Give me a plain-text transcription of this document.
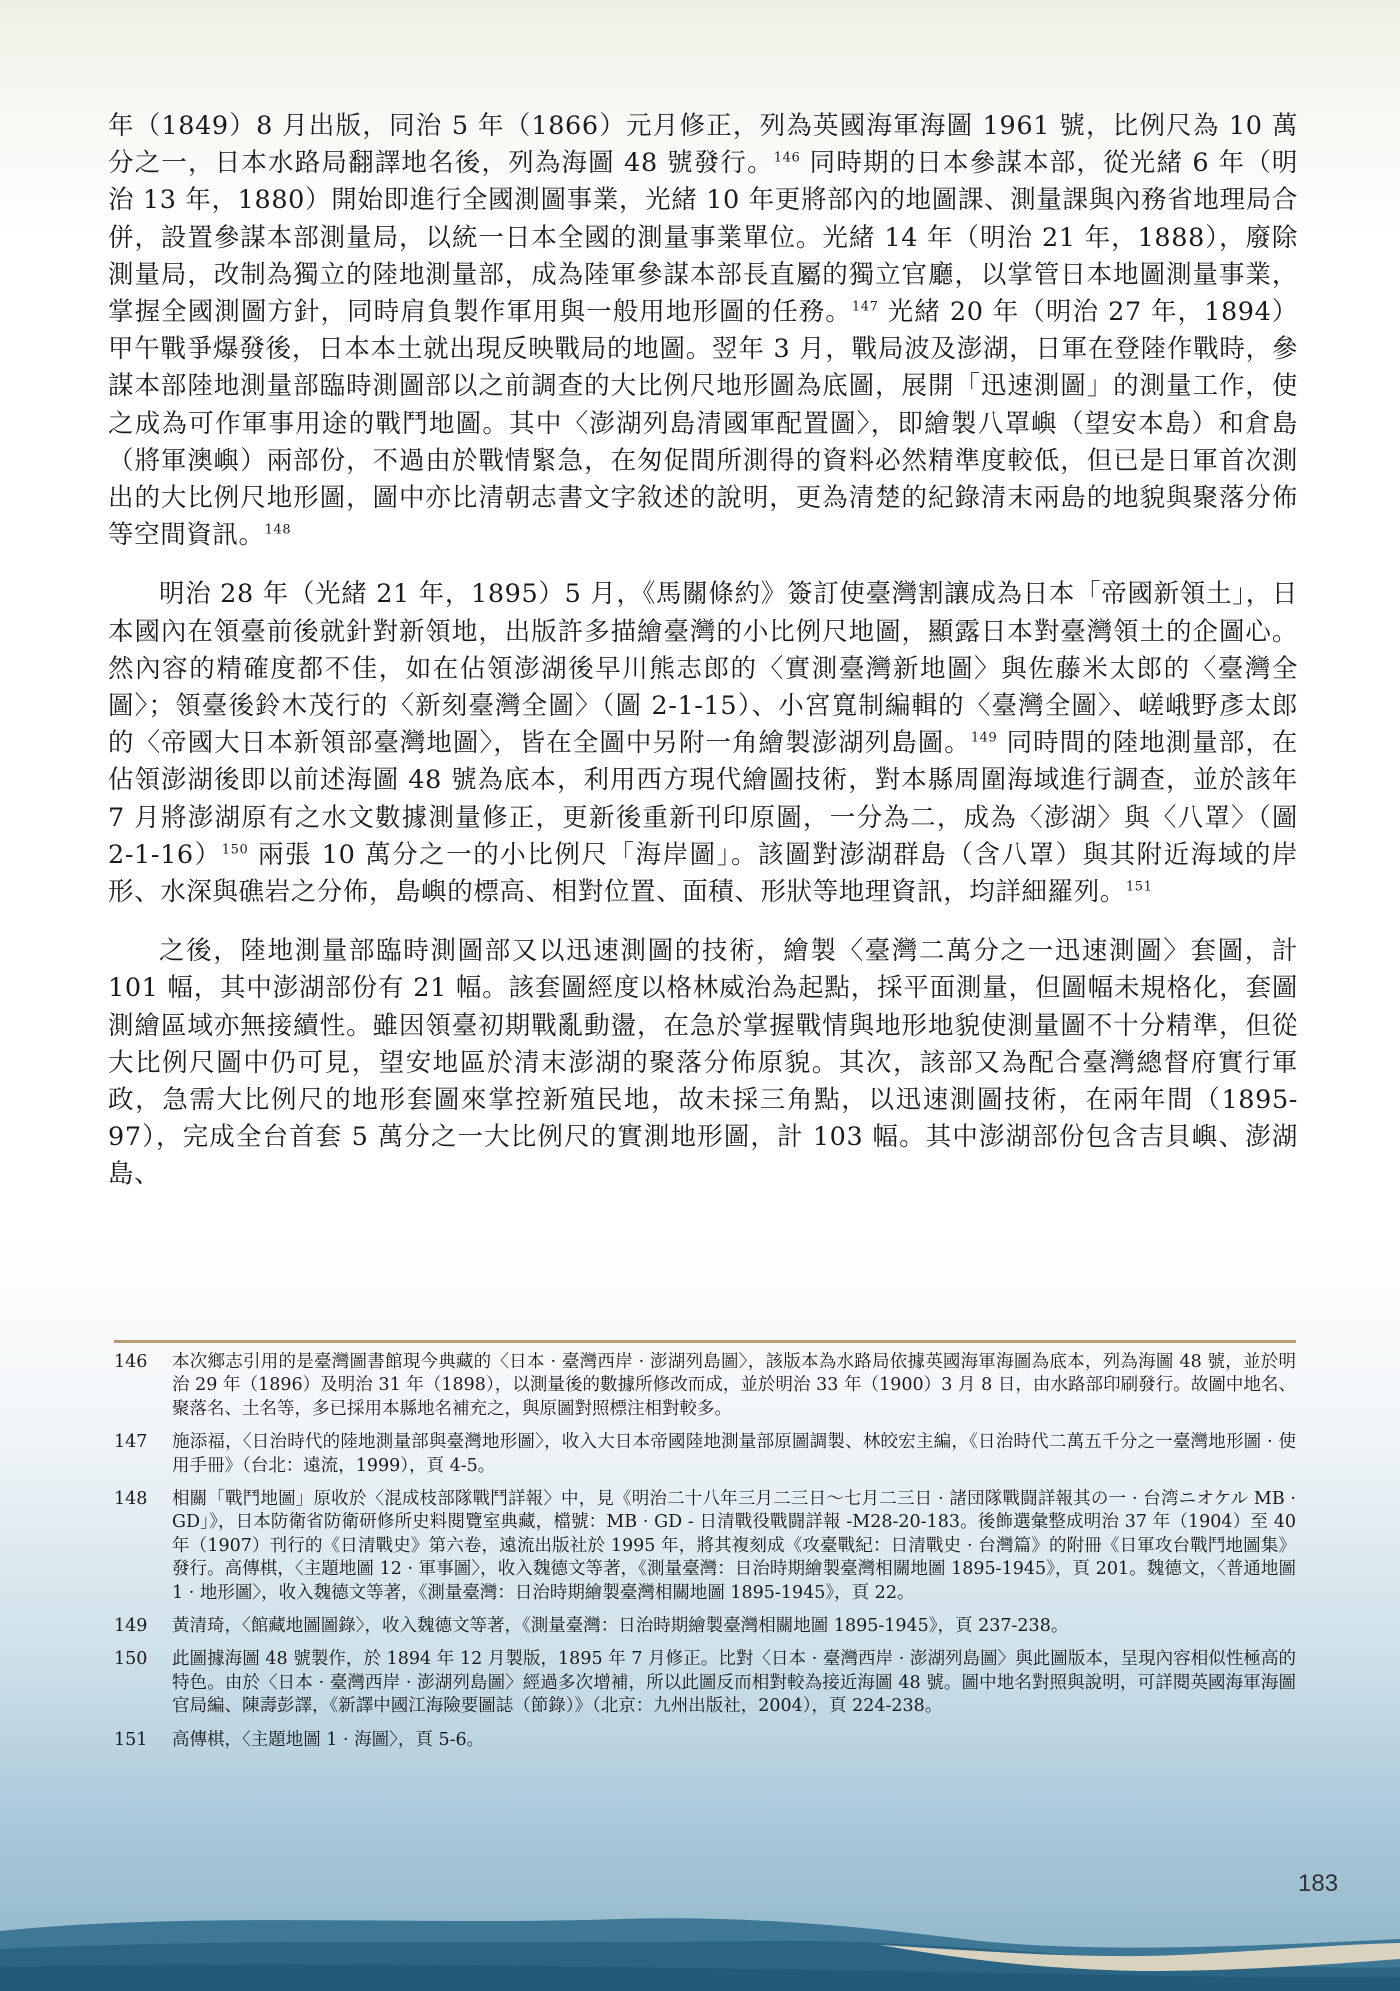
年（1849）8 月出版，同治 5 年（1866）元月修正，列為英國海軍海圖 1961 號，比例尺為 10 萬分之一，日本水路局翻譯地名後，列為海圖 48 號發行。$^{146}$ 同時期的日本參謀本部，從光緒 6 年（明治 13 年，1880）開始即進行全國測圖事業，光緒 10 年更將部內的地圖課、測量課與內務省地理局合併，設置參謀本部測量局，以統一日本全國的測量事業單位。光緒 14 年（明治 21 年，1888），廢除測量局，改制為獨立的陸地測量部，成為陸軍參謀本部長直屬的獨立官廳，以掌管日本地圖測量事業，掌握全國測圖方針，同時肩負製作軍用與一般用地形圖的任務。$^{147}$ 光緒 20 年（明治 27 年，1894）甲午戰爭爆發後，日本本土就出現反映戰局的地圖。翌年 3 月，戰局波及澎湖，日軍在登陸作戰時，參謀本部陸地測量部臨時測圖部以之前調查的大比例尺地形圖為底圖，展開「迅速測圖」的測量工作，使之成為可作軍事用途的戰鬥地圖。其中〈澎湖列島清國軍配置圖〉，即繪製八罩嶼（望安本島）和倉島（將軍澳嶼）兩部份，不過由於戰情緊急，在匆促間所測得的資料必然精準度較低，但已是日軍首次測出的大比例尺地形圖，圖中亦比清朝志書文字敘述的說明，更為清楚的紀錄清末兩島的地貌與聚落分佈等空間資訊。$^{148}$

明治 28 年（光緒 21 年，1895）5 月，《馬關條約》簽訂使臺灣割讓成為日本「帝國新領土」，日本國內在領臺前後就針對新領地，出版許多描繪臺灣的小比例尺地圖，顯露日本對臺灣領土的企圖心。然內容的精確度都不佳，如在佔領澎湖後早川熊志郎的〈實測臺灣新地圖〉與佐藤米太郎的〈臺灣全圖〉；領臺後鈴木茂行的〈新刻臺灣全圖〉（圖 2-1-15）、小宮寬制編輯的〈臺灣全圖〉、嵯峨野彥太郎的〈帝國大日本新領部臺灣地圖〉，皆在全圖中另附一角繪製澎湖列島圖。$^{149}$ 同時間的陸地測量部，在佔領澎湖後即以前述海圖 48 號為底本，利用西方現代繪圖技術，對本縣周圍海域進行調查，並於該年 7 月將澎湖原有之水文數據測量修正，更新後重新刊印原圖，一分為二，成為〈澎湖〉與〈八罩〉（圖 2-1-16）$^{150}$ 兩張 10 萬分之一的小比例尺「海岸圖」。該圖對澎湖群島（含八罩）與其附近海域的岸形、水深與礁岩之分佈，島嶼的標高、相對位置、面積、形狀等地理資訊，均詳細羅列。$^{151}$

之後，陸地測量部臨時測圖部又以迅速測圖的技術，繪製〈臺灣二萬分之一迅速測圖〉套圖，計 101 幅，其中澎湖部份有 21 幅。該套圖經度以格林威治為起點，採平面測量，但圖幅未規格化，套圖測繪區域亦無接續性。雖因領臺初期戰亂動盪，在急於掌握戰情與地形地貌使測量圖不十分精準，但從大比例尺圖中仍可見，望安地區於清末澎湖的聚落分佈原貌。其次，該部又為配合臺灣總督府實行軍政，急需大比例尺的地形套圖來掌控新殖民地，故未採三角點，以迅速測圖技術，在兩年間（1895-97），完成全台首套 5 萬分之一大比例尺的實測地形圖，計 103 幅。其中澎湖部份包含吉貝嶼、澎湖島、

146	本次鄉志引用的是臺灣圖書館現今典藏的〈日本 · 臺灣西岸 · 澎湖列島圖〉，該版本為水路局依據英國海軍海圖為底本，列為海圖 48 號，並於明治 29 年（1896）及明治 31 年（1898），以測量後的數據所修改而成，並於明治 33 年（1900）3 月 8 日，由水路部印刷發行。故圖中地名、聚落名、土名等，多已採用本縣地名補充之，與原圖對照標注相對較多。
147	施添福，〈日治時代的陸地測量部與臺灣地形圖〉，收入大日本帝國陸地測量部原圖調製、林皎宏主編，《日治時代二萬五千分之一臺灣地形圖 · 使用手冊》（台北：遠流，1999），頁 4-5。
148	相關「戰鬥地圖」原收於〈混成枝部隊戰鬥詳報〉中，見《明治二十八年三月二三日～七月二三日 · 諸団隊戰闘詳報其の一 · 台湾ニオケル MB · GD」》，日本防衛省防衛研修所史料閱覽室典藏，檔號：MB · GD - 日清戰役戰闘詳報 -M28-20-183。後飾選彙整成明治 37 年（1904）至 40 年（1907）刊行的《日清戰史》第六卷，遠流出版社於 1995 年，將其複刻成《攻臺戰紀：日清戰史 · 台灣篇》的附冊《日軍攻台戰鬥地圖集》發行。高傳棋，〈主題地圖 12 · 軍事圖〉，收入魏德文等著，《測量臺灣：日治時期繪製臺灣相關地圖 1895-1945》，頁 201。魏德文，〈普通地圖 1 · 地形圖〉，收入魏德文等著，《測量臺灣：日治時期繪製臺灣相關地圖 1895-1945》，頁 22。
149	黃清琦，〈館藏地圖圖錄〉，收入魏德文等著，《測量臺灣：日治時期繪製臺灣相關地圖 1895-1945》，頁 237-238。
150	此圖據海圖 48 號製作，於 1894 年 12 月製版，1895 年 7 月修正。比對〈日本 · 臺灣西岸 · 澎湖列島圖〉與此圖版本，呈現內容相似性極高的特色。由於〈日本 · 臺灣西岸 · 澎湖列島圖〉經過多次增補，所以此圖反而相對較為接近海圖 48 號。圖中地名對照與說明，可詳閱英國海軍海圖官局編、陳壽彭譯，《新譯中國江海險要圖誌（節錄）》（北京：九州出版社，2004），頁 224-238。
151	高傳棋，〈主題地圖 1 · 海圖〉，頁 5-6。
183
